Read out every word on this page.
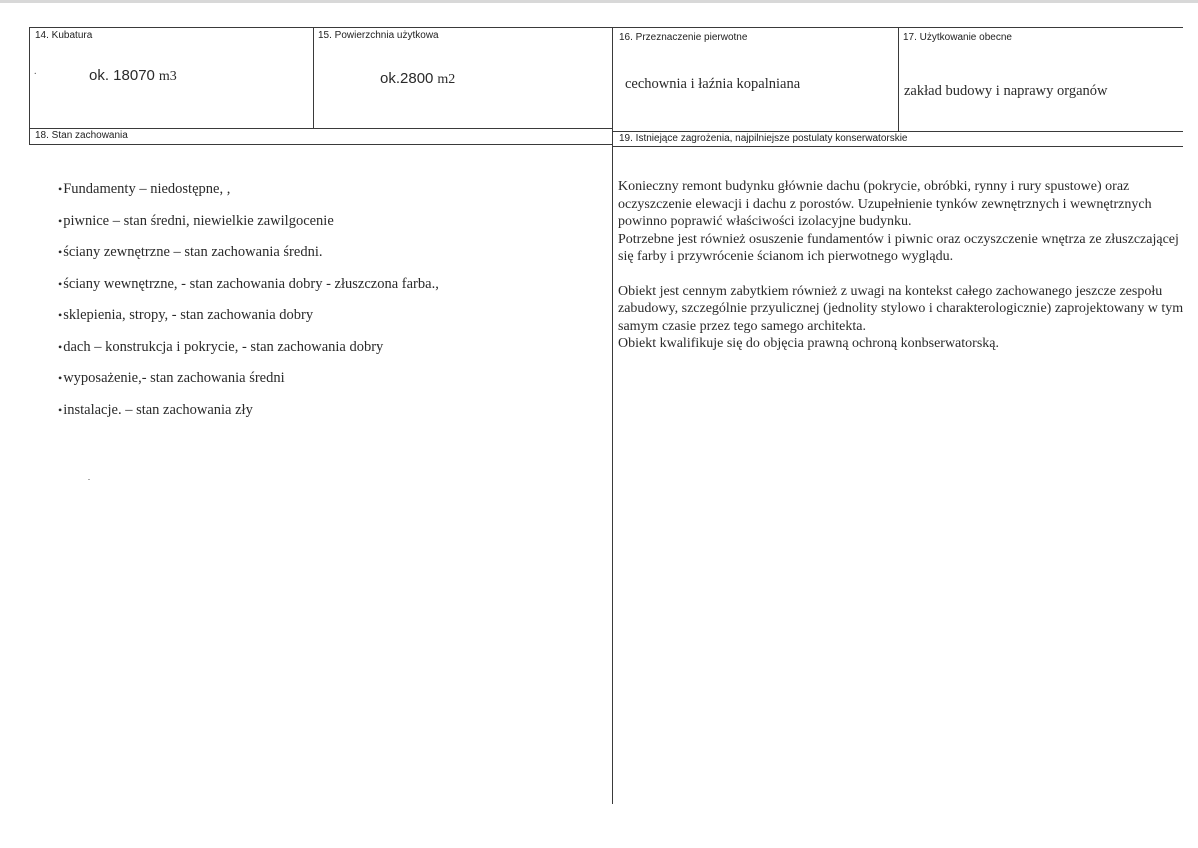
14. Kubatura
.	ok. 18070 m3
15. Powierzchnia użytkowa
ok.2800 m2
16. Przeznaczenie pierwotne
cechownia i łaźnia kopalniana
17. Użytkowanie obecne
zakład budowy i naprawy organów
18. Stan zachowania
•Fundamenty – niedostępne, ,
•piwnice – stan średni, niewielkie zawilgocenie
•ściany zewnętrzne – stan zachowania średni.
•ściany wewnętrzne, - stan zachowania dobry - złuszczona farba.,
•sklepienia, stropy, - stan zachowania dobry
•dach – konstrukcja i pokrycie, - stan zachowania dobry
•wyposażenie,- stan zachowania średni
•instalacje. – stan zachowania zły
19. Istniejące zagrożenia, najpilniejsze postulaty konserwatorskie

Konieczny remont budynku głównie dachu (pokrycie, obróbki, rynny i rury spustowe) oraz oczyszczenie elewacji i dachu z porostów. Uzupełnienie tynków zewnętrznych i wewnętrznych powinno poprawić właściwości izolacyjne budynku.

Potrzebne jest również osuszenie fundamentów i piwnic oraz oczyszczenie wnętrza ze złuszczającej się farby i przywrócenie ścianom ich pierwotnego wyglądu.

Obiekt jest cennym zabytkiem również z uwagi na kontekst całego zachowanego jeszcze zespołu zabudowy, szczególnie przyulicznej (jednolity stylowo i charakterologicznie) zaprojektowany w tym samym czasie przez tego samego architekta.

Obiekt kwalifikuje się do objęcia prawną ochroną konbserwatorską.
